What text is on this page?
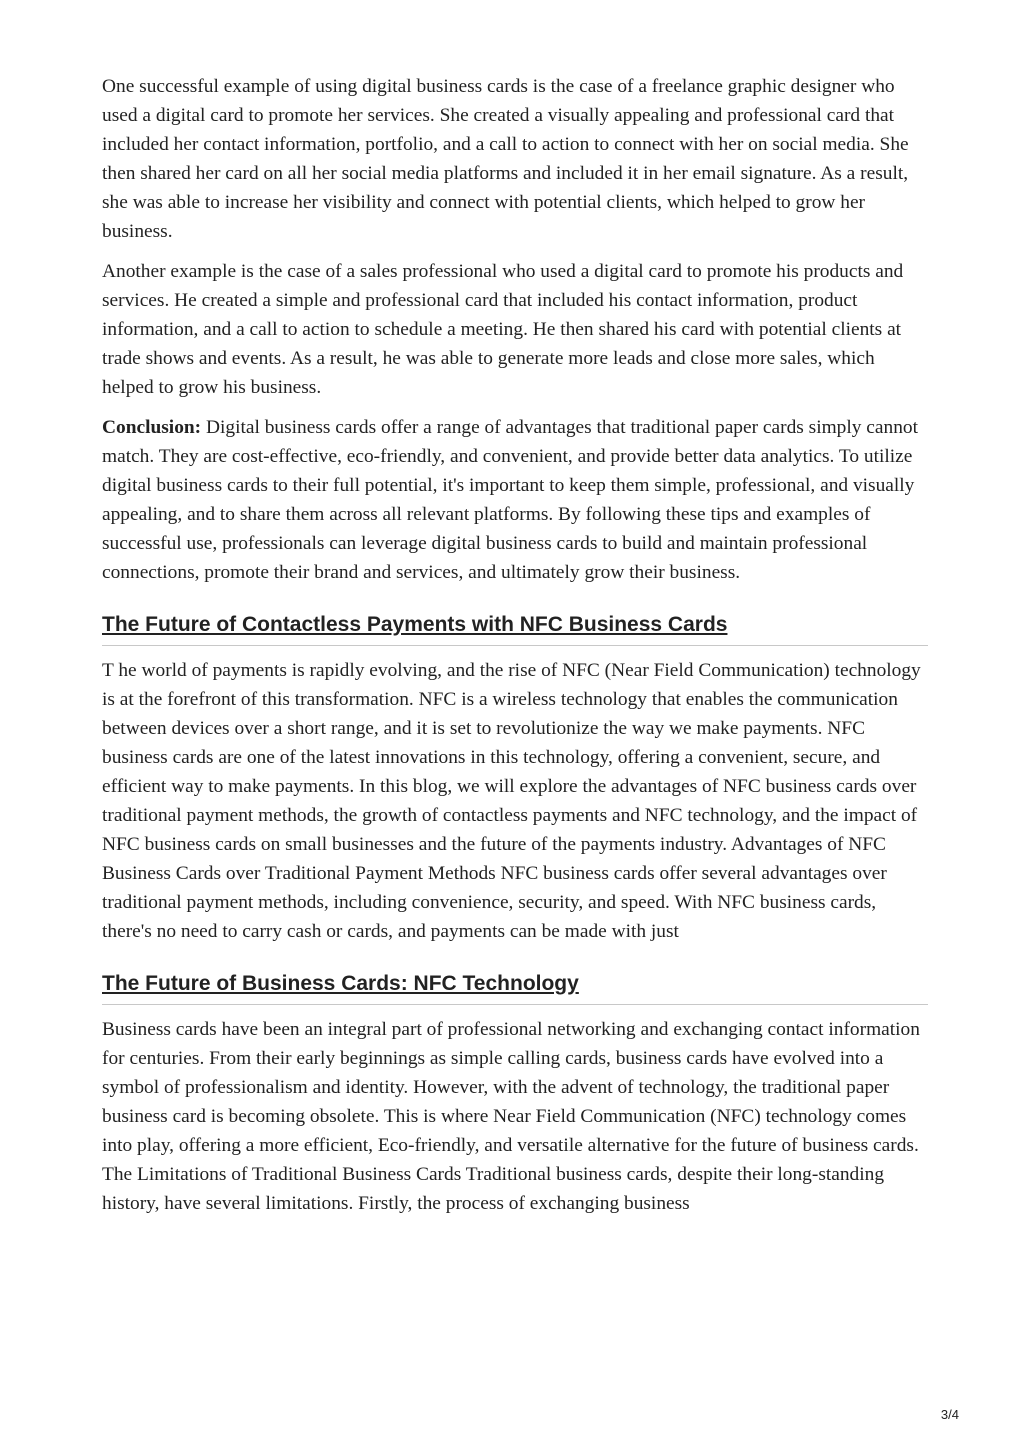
One successful example of using digital business cards is the case of a freelance graphic designer who used a digital card to promote her services. She created a visually appealing and professional card that included her contact information, portfolio, and a call to action to connect with her on social media. She then shared her card on all her social media platforms and included it in her email signature. As a result, she was able to increase her visibility and connect with potential clients, which helped to grow her business.

Another example is the case of a sales professional who used a digital card to promote his products and services. He created a simple and professional card that included his contact information, product information, and a call to action to schedule a meeting. He then shared his card with potential clients at trade shows and events. As a result, he was able to generate more leads and close more sales, which helped to grow his business.

Conclusion: Digital business cards offer a range of advantages that traditional paper cards simply cannot match. They are cost-effective, eco-friendly, and convenient, and provide better data analytics. To utilize digital business cards to their full potential, it's important to keep them simple, professional, and visually appealing, and to share them across all relevant platforms. By following these tips and examples of successful use, professionals can leverage digital business cards to build and maintain professional connections, promote their brand and services, and ultimately grow their business.

The Future of Contactless Payments with NFC Business Cards

T he world of payments is rapidly evolving, and the rise of NFC (Near Field Communication) technology is at the forefront of this transformation. NFC is a wireless technology that enables the communication between devices over a short range, and it is set to revolutionize the way we make payments. NFC business cards are one of the latest innovations in this technology, offering a convenient, secure, and efficient way to make payments. In this blog, we will explore the advantages of NFC business cards over traditional payment methods, the growth of contactless payments and NFC technology, and the impact of NFC business cards on small businesses and the future of the payments industry. Advantages of NFC Business Cards over Traditional Payment Methods NFC business cards offer several advantages over traditional payment methods, including convenience, security, and speed. With NFC business cards, there's no need to carry cash or cards, and payments can be made with just

The Future of Business Cards: NFC Technology

Business cards have been an integral part of professional networking and exchanging contact information for centuries. From their early beginnings as simple calling cards, business cards have evolved into a symbol of professionalism and identity. However, with the advent of technology, the traditional paper business card is becoming obsolete. This is where Near Field Communication (NFC) technology comes into play, offering a more efficient, Eco-friendly, and versatile alternative for the future of business cards. The Limitations of Traditional Business Cards Traditional business cards, despite their long-standing history, have several limitations. Firstly, the process of exchanging business

3/4
